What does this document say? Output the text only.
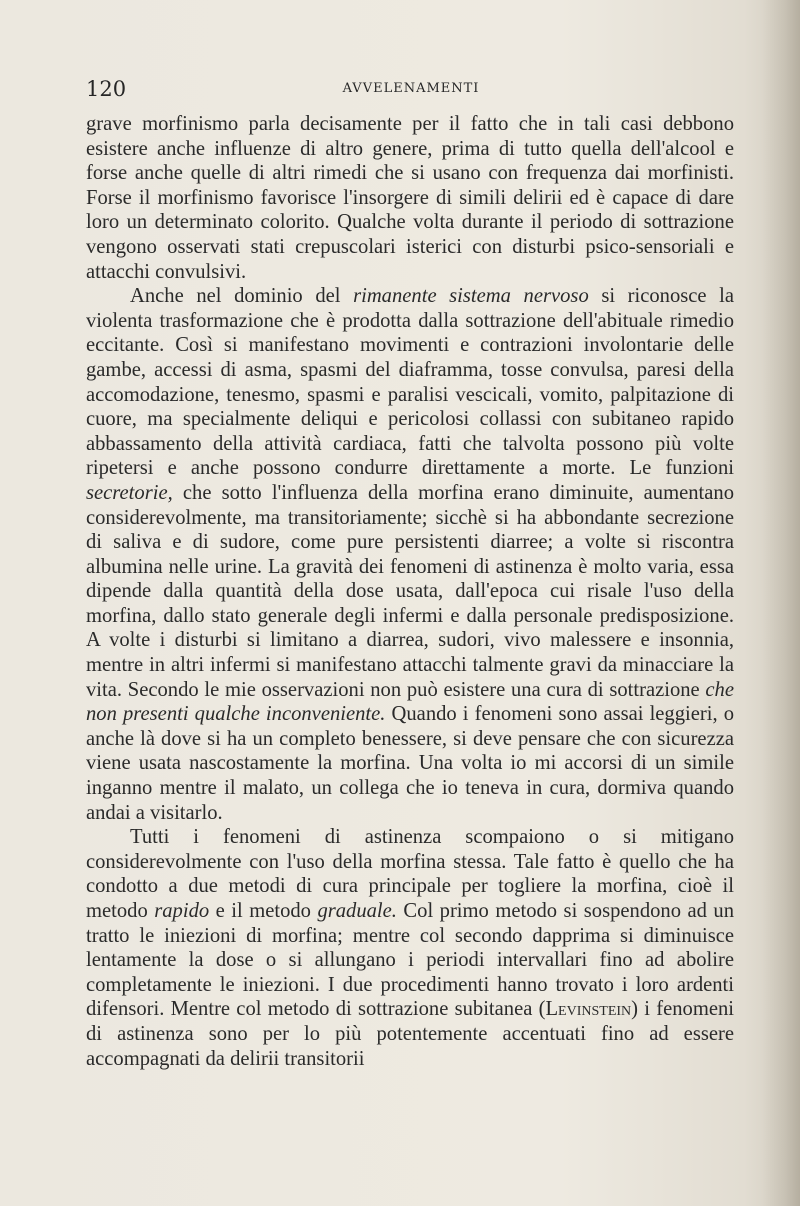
120	AVVELENAMENTI

grave morfinismo parla decisamente per il fatto che in tali casi debbono esistere anche influenze di altro genere, prima di tutto quella dell'alcool e forse anche quelle di altri rimedi che si usano con frequenza dai morfinisti. Forse il morfinismo favorisce l'insorgere di simili delirii ed è capace di dare loro un determinato colorito. Qualche volta durante il periodo di sottrazione vengono osservati stati crepuscolari isterici con disturbi psico-sensoriali e attacchi convulsivi.

Anche nel dominio del rimanente sistema nervoso si riconosce la violenta trasformazione che è prodotta dalla sottrazione dell'abituale rimedio eccitante. Così si manifestano movimenti e contrazioni involontarie delle gambe, accessi di asma, spasmi del diaframma, tosse convulsa, paresi della accomodazione, tenesmo, spasmi e paralisi vescicali, vomito, palpitazione di cuore, ma specialmente deliqui e pericolosi collassi con subitaneo rapido abbassamento della attività cardiaca, fatti che talvolta possono più volte ripetersi e anche possono condurre direttamente a morte. Le funzioni secretorie, che sotto l'influenza della morfina erano diminuite, aumentano considerevolmente, ma transitoriamente; sicchè si ha abbondante secrezione di saliva e di sudore, come pure persistenti diarree; a volte si riscontra albumina nelle urine. La gravità dei fenomeni di astinenza è molto varia, essa dipende dalla quantità della dose usata, dall'epoca cui risale l'uso della morfina, dallo stato generale degli infermi e dalla personale predisposizione. A volte i disturbi si limitano a diarrea, sudori, vivo malessere e insonnia, mentre in altri infermi si manifestano attacchi talmente gravi da minacciare la vita. Secondo le mie osservazioni non può esistere una cura di sottrazione che non presenti qualche inconveniente. Quando i fenomeni sono assai leggieri, o anche là dove si ha un completo benessere, si deve pensare che con sicurezza viene usata nascostamente la morfina. Una volta io mi accorsi di un simile inganno mentre il malato, un collega che io teneva in cura, dormiva quando andai a visitarlo.

Tutti i fenomeni di astinenza scompaiono o si mitigano considerevolmente con l'uso della morfina stessa. Tale fatto è quello che ha condotto a due metodi di cura principale per togliere la morfina, cioè il metodo rapido e il metodo graduale. Col primo metodo si sospendono ad un tratto le iniezioni di morfina; mentre col secondo dapprima si diminuisce lentamente la dose o si allungano i periodi intervallari fino ad abolire completamente le iniezioni. I due procedimenti hanno trovato i loro ardenti difensori. Mentre col metodo di sottrazione subitanea (Levinstein) i fenomeni di astinenza sono per lo più potentemente accentuati fino ad essere accompagnati da delirii transitorii
